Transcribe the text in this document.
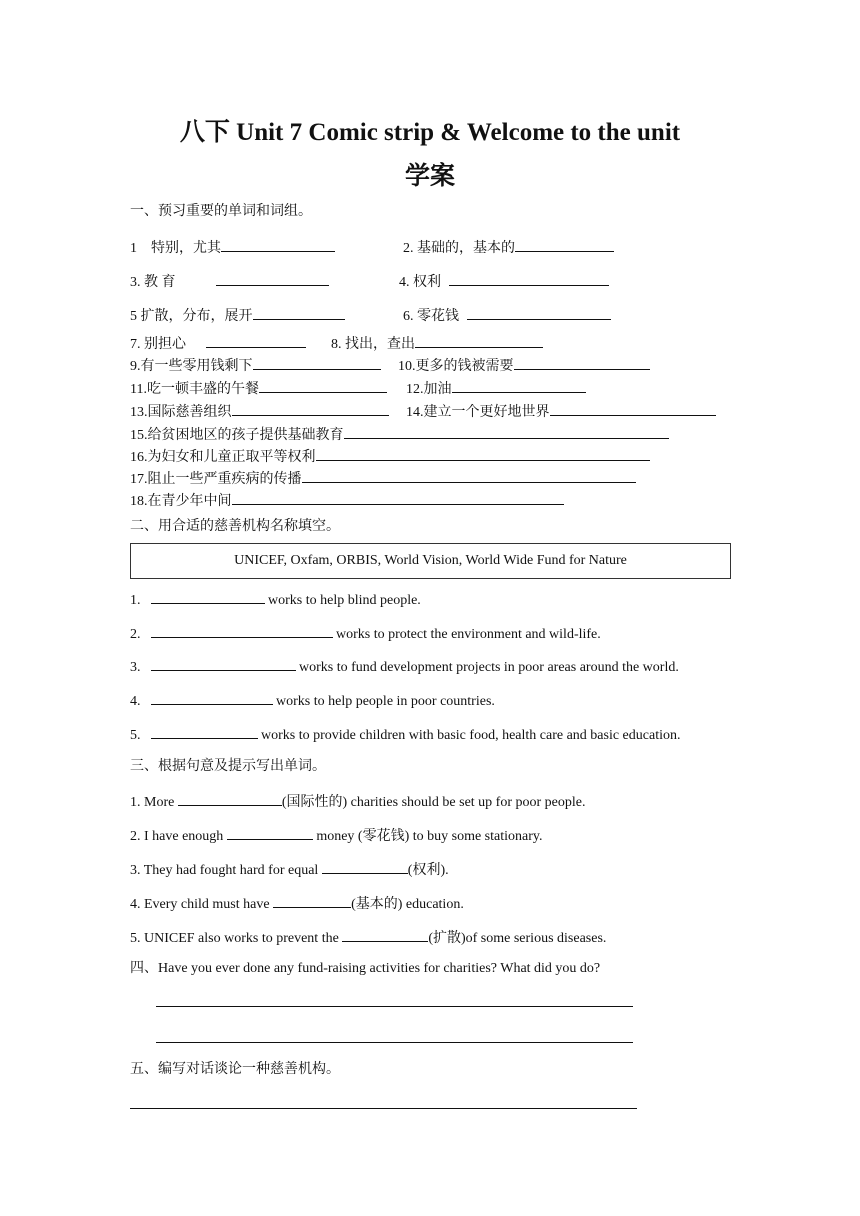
八下 Unit 7 Comic strip & Welcome to the unit
学案
一、预习重要的单词和词组。
1　特别，尤其	2. 基础的，基本的
3. 教 育	4. 权利
5 扩散，分布，展开	6. 零花钱
7. 别担心	8. 找出，查出
9.有一些零用钱剩下	10.更多的钱被需要
11.吃一顿丰盛的午餐	12.加油
13.国际慈善组织	14.建立一个更好地世界
15.给贫困地区的孩子提供基础教育
16.为妇女和儿童正取平等权利
17.阻止一些严重疾病的传播
18.在青少年中间
二、用合适的慈善机构名称填空。
UNICEF, Oxfam, ORBIS, World Vision, World Wide Fund for Nature
1.	works to help blind people.
2.	works to protect the environment and wild-life.
3.	works to fund development projects in poor areas around the world.
4.	works to help people in poor countries.
5.	works to provide children with basic food, health care and basic education.
三、根据句意及提示写出单词。
1. More	(国际性的) charities should be set up for poor people.
2. I have enough	money (零花钱) to buy some stationary.
3. They had fought hard for equal	(权利).
4. Every child must have	(基本的) education.
5. UNICEF also works to prevent the	(扩散)of some serious diseases.
四、Have you ever done any fund-raising activities for charities? What did you do?
五、编写对话谈论一种慈善机构。
